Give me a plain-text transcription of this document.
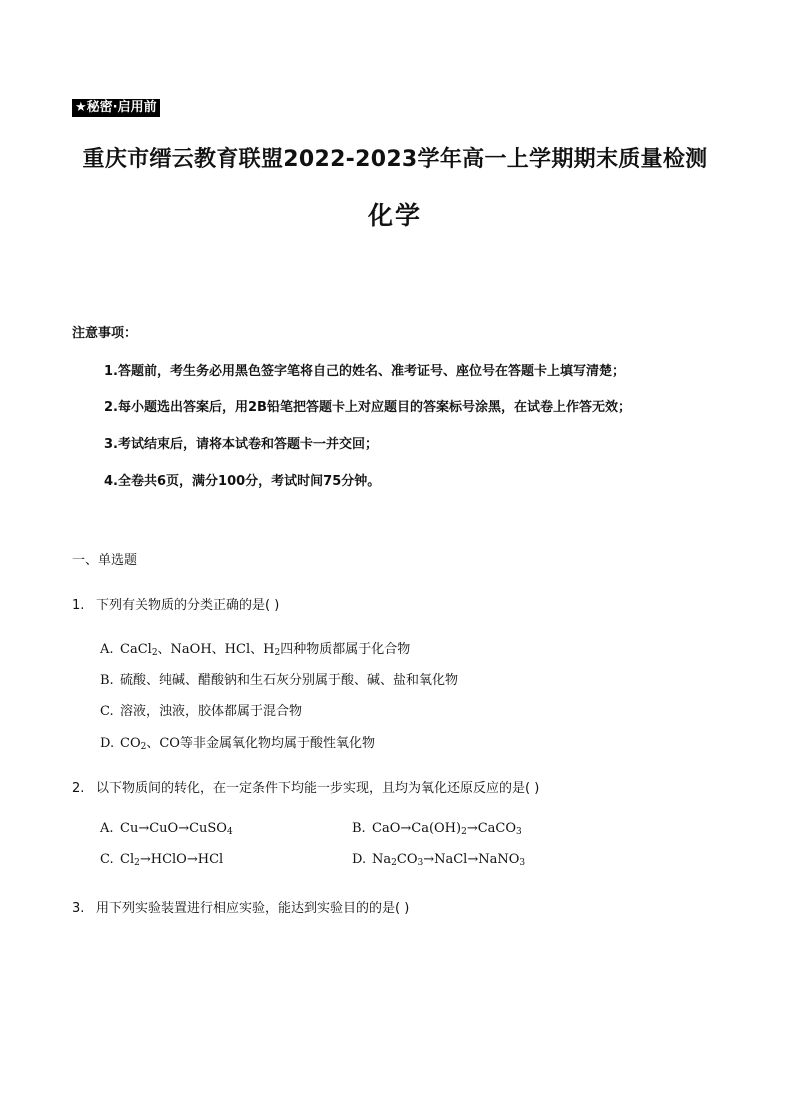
★秘密·启用前
重庆市缙云教育联盟2022-2023学年高一上学期期末质量检测
化学
注意事项：
1.答题前，考生务必用黑色签字笔将自己的姓名、准考证号、座位号在答题卡上填写清楚；
2.每小题选出答案后，用2B铅笔把答题卡上对应题目的答案标号涂黑，在试卷上作答无效；
3.考试结束后，请将本试卷和答题卡一并交回；
4.全卷共6页，满分100分，考试时间75分钟。
一、单选题
1. 下列有关物质的分类正确的是( )
A. CaCl$_2$、NaOH、HCl、$H_2$四种物质都属于化合物
B. 硫酸、纯碱、醋酸钠和生石灰分别属于酸、碱、盐和氧化物
C. 溶液，浊液，胶体都属于混合物
D. $CO_2$、CO等非金属氧化物均属于酸性氧化物
2. 以下物质间的转化，在一定条件下均能一步实现，且均为氧化还原反应的是( )
A. Cu→CuO→CuSO$_4$	B. $CaO\to Ca(OH)_2\to CaCO_3$
C. $Cl_2\to HClO\to HCl$	D. $Na_2CO_3\to NaCl\to NaNO_3$
3. 用下列实验装置进行相应实验，能达到实验目的的是( )
